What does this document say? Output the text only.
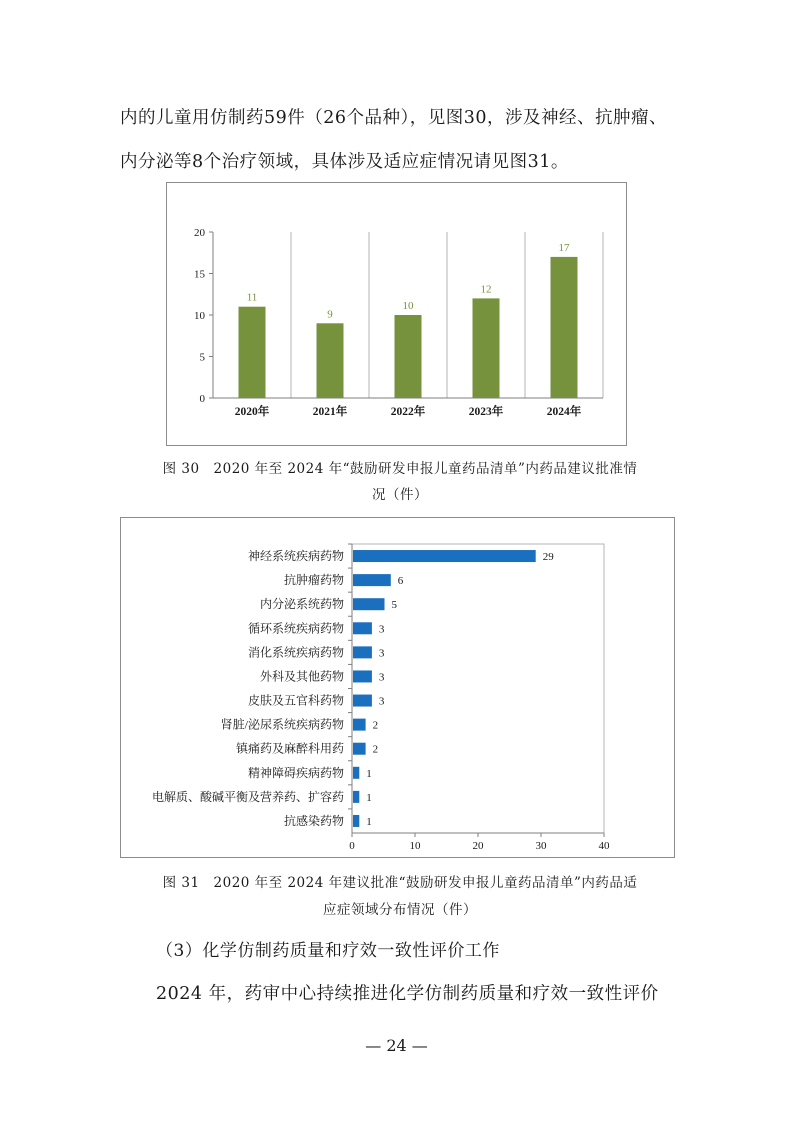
内的儿童用仿制药59件（26个品种），见图30，涉及神经、抗肿瘤、

内分泌等8个治疗领域，具体涉及适应症情况请见图31。

0
5
10
15
20
11
2020年
9
2021年
10
2022年
12
2023年
17
2024年

图 30　2020 年至 2024 年“鼓励研发申报儿童药品清单”内药品建议批准情

况（件）

0	10	20	30	40
29
神经系统疾病药物
6
抗肿瘤药物
5
内分泌系统药物
3
循环系统疾病药物
3
消化系统疾病药物
3
外科及其他药物
3
皮肤及五官科药物
2
肾脏/泌尿系统疾病药物
2
镇痛药及麻醉科用药
1
精神障碍疾病药物
1
电解质、酸碱平衡及营养药、扩容药
1
抗感染药物

图 31　2020 年至 2024 年建议批准“鼓励研发申报儿童药品清单”内药品适

应症领域分布情况（件）

（3）化学仿制药质量和疗效一致性评价工作

2024 年，药审中心持续推进化学仿制药质量和疗效一致性评价

— 24 —
